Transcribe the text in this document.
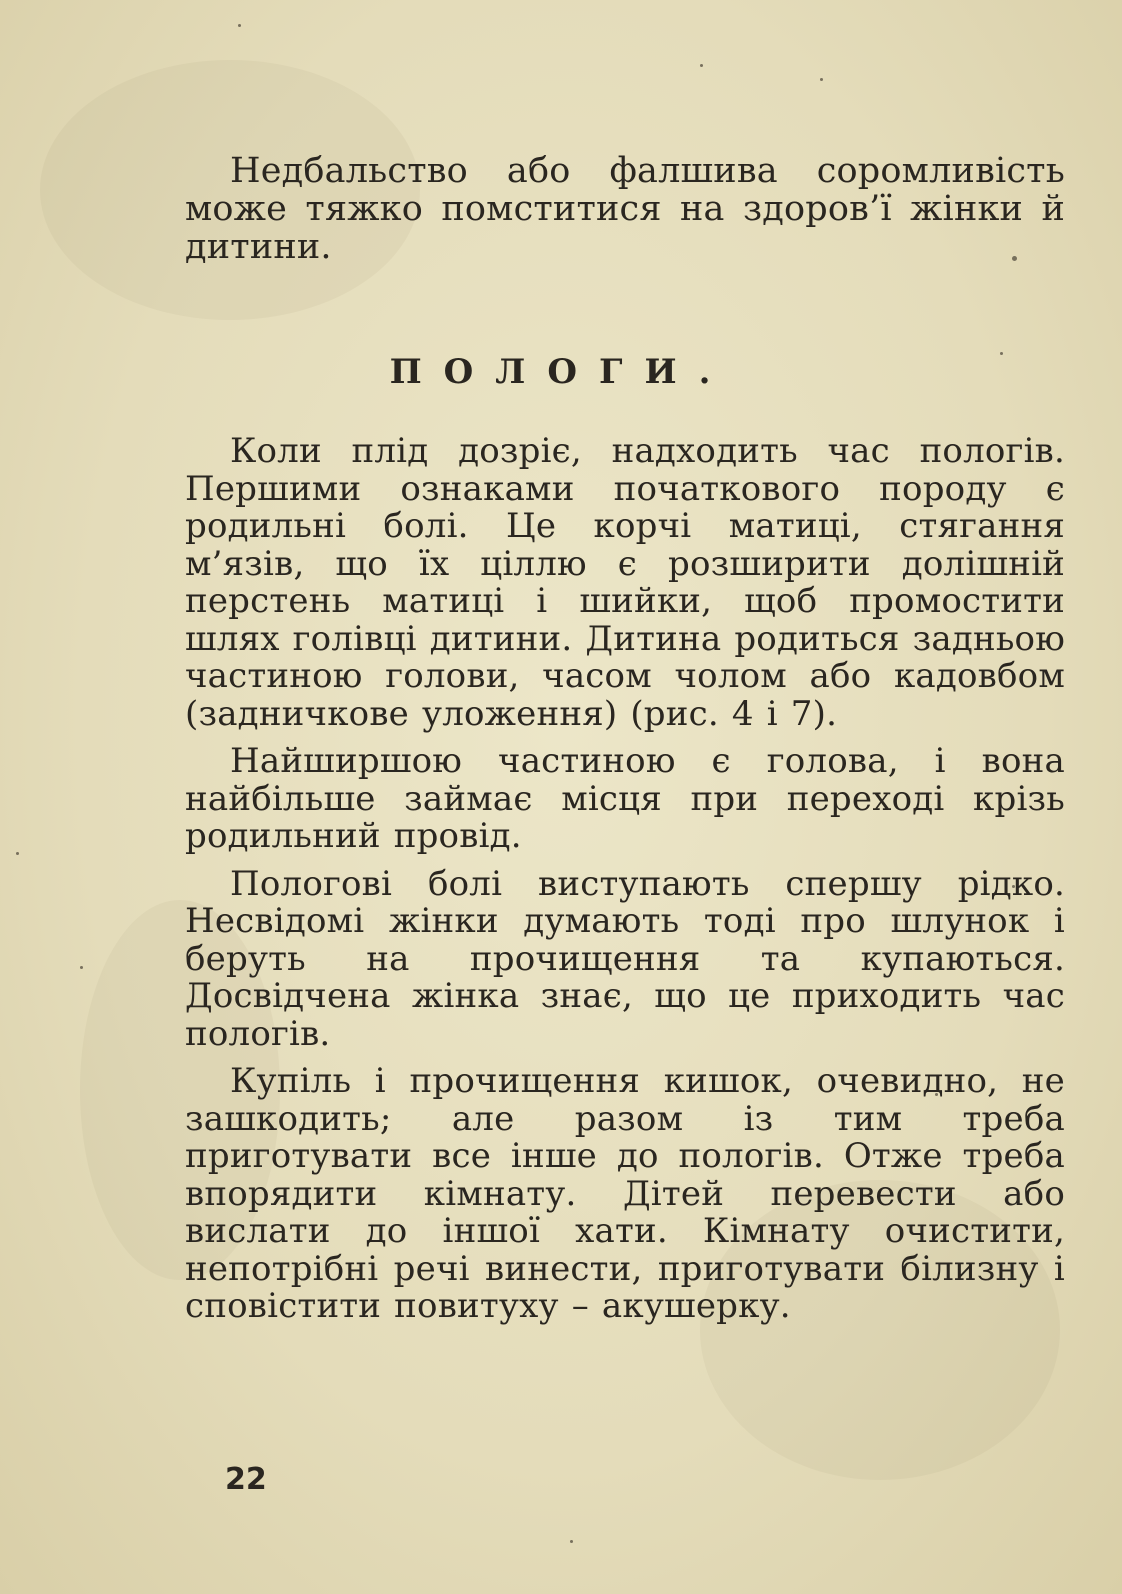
Недбальство або фалшива соромливість може тяжко помститися на здоров’ї жінки й дитини.

ПОЛОГИ.

Коли плід дозріє, надходить час пологів. Першими ознаками початкового породу є родильні болі. Це корчі матиці, стягання м’язів, що їх ціллю є розширити долішній перстень матиці і шийки, щоб промостити шлях голівці дитини. Дитина родиться задньою частиною голови, часом чолом або кадовбом (задничкове уложення) (рис. 4 і 7).

Найширшою частиною є голова, і вона найбільше займає місця при переході крізь родильний провід.

Пологові болі виступають спершу рідко. Несвідомі жінки думають тоді про шлунок і беруть на прочищення та купаються. Досвідчена жінка знає, що це приходить час пологів.

Купіль і прочищення кишок, очевидно, не зашкодить; але разом із тим треба приготувати все інше до пологів. Отже треба впорядити кімнату. Дітей перевести або вислати до іншої хати. Кімнату очистити, непотрібні речі винести, приготувати білизну і сповістити повитуху – акушерку.

22
